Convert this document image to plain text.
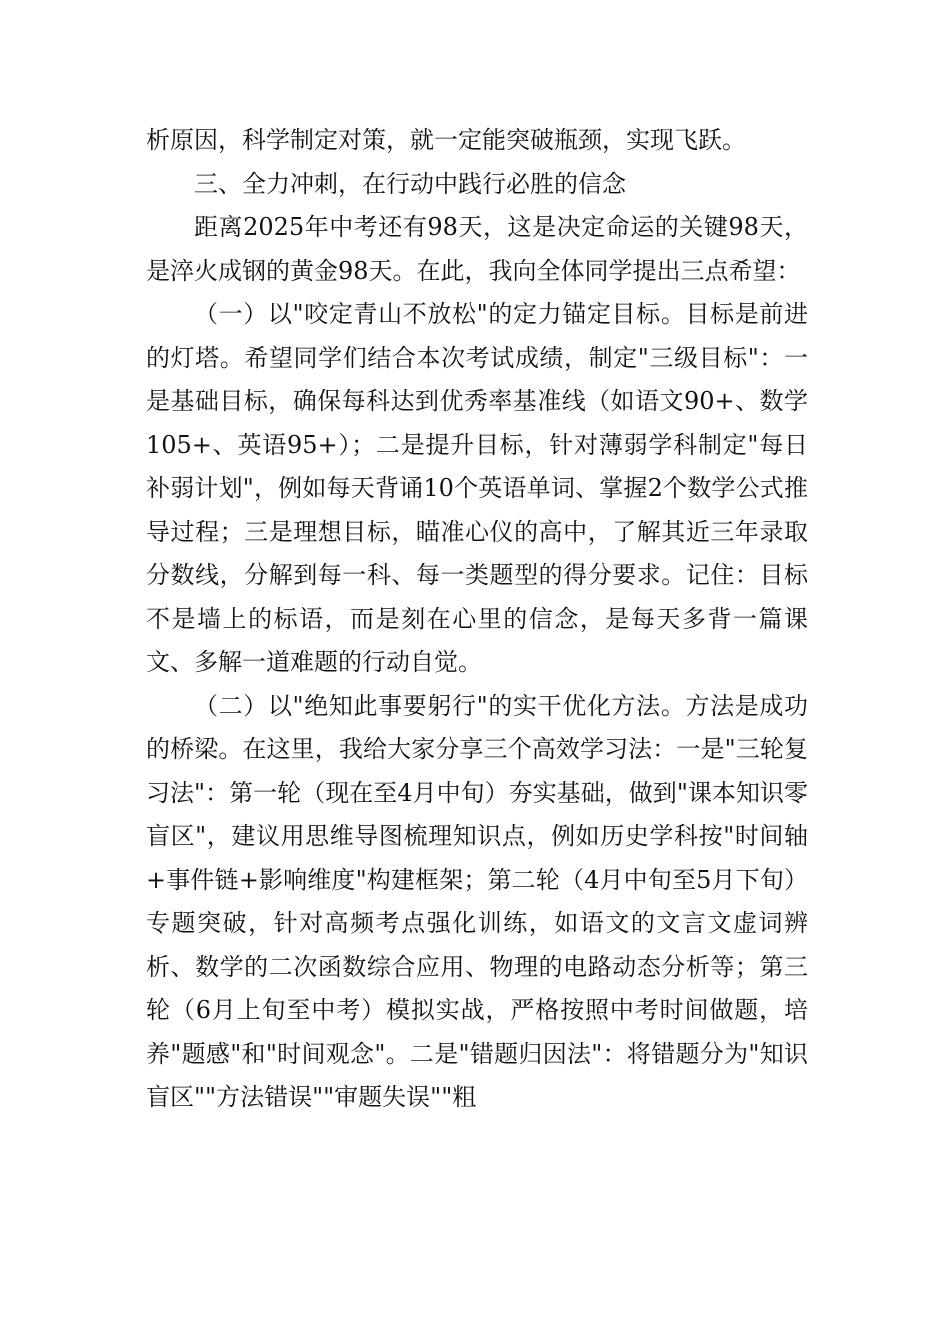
析原因，科学制定对策，就一定能突破瓶颈，实现飞跃。

三、全力冲刺，在行动中践行必胜的信念

距离2025年中考还有98天，这是决定命运的关键98天，是淬火成钢的黄金98天。在此，我向全体同学提出三点希望：

（一）以"咬定青山不放松"的定力锚定目标。目标是前进的灯塔。希望同学们结合本次考试成绩，制定"三级目标"：一是基础目标，确保每科达到优秀率基准线（如语文90+、数学105+、英语95+）；二是提升目标，针对薄弱学科制定"每日补弱计划"，例如每天背诵10个英语单词、掌握2个数学公式推导过程；三是理想目标，瞄准心仪的高中，了解其近三年录取分数线，分解到每一科、每一类题型的得分要求。记住：目标不是墙上的标语，而是刻在心里的信念，是每天多背一篇课文、多解一道难题的行动自觉。

（二）以"绝知此事要躬行"的实干优化方法。方法是成功的桥梁。在这里，我给大家分享三个高效学习法：一是"三轮复习法"：第一轮（现在至4月中旬）夯实基础，做到"课本知识零盲区"，建议用思维导图梳理知识点，例如历史学科按"时间轴+事件链+影响维度"构建框架；第二轮（4月中旬至5月下旬）专题突破，针对高频考点强化训练，如语文的文言文虚词辨析、数学的二次函数综合应用、物理的电路动态分析等；第三轮（6月上旬至中考）模拟实战，严格按照中考时间做题，培养"题感"和"时间观念"。二是"错题归因法"：将错题分为"知识盲区""方法错误""审题失误""粗
